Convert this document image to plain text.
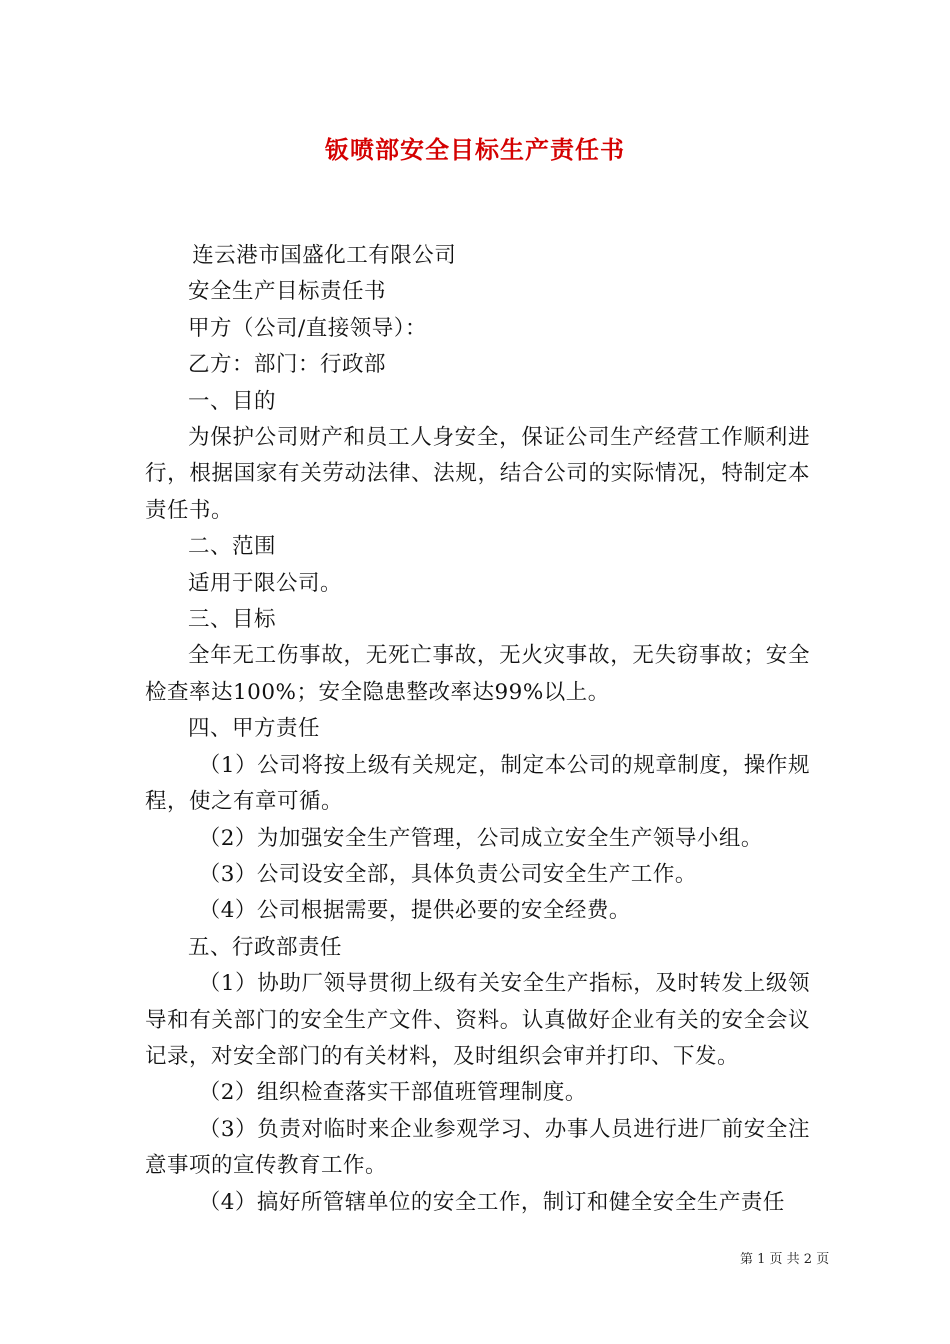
钣喷部安全目标生产责任书

连云港市国盛化工有限公司

安全生产目标责任书

甲方（公司/直接领导）：

乙方：部门：行政部

一、目的

为保护公司财产和员工人身安全，保证公司生产经营工作顺利进行，根据国家有关劳动法律、法规，结合公司的实际情况，特制定本责任书。

二、范围

适用于限公司。

三、目标

全年无工伤事故，无死亡事故，无火灾事故，无失窃事故；安全检查率达100%；安全隐患整改率达99%以上。

四、甲方责任

（1）公司将按上级有关规定，制定本公司的规章制度，操作规程，使之有章可循。

（2）为加强安全生产管理，公司成立安全生产领导小组。

（3）公司设安全部，具体负责公司安全生产工作。

（4）公司根据需要，提供必要的安全经费。

五、行政部责任

（1）协助厂领导贯彻上级有关安全生产指标，及时转发上级领导和有关部门的安全生产文件、资料。认真做好企业有关的安全会议记录，对安全部门的有关材料，及时组织会审并打印、下发。

（2）组织检查落实干部值班管理制度。

（3）负责对临时来企业参观学习、办事人员进行进厂前安全注意事项的宣传教育工作。

（4）搞好所管辖单位的安全工作，制订和健全安全生产责任

第 1 页 共 2 页
